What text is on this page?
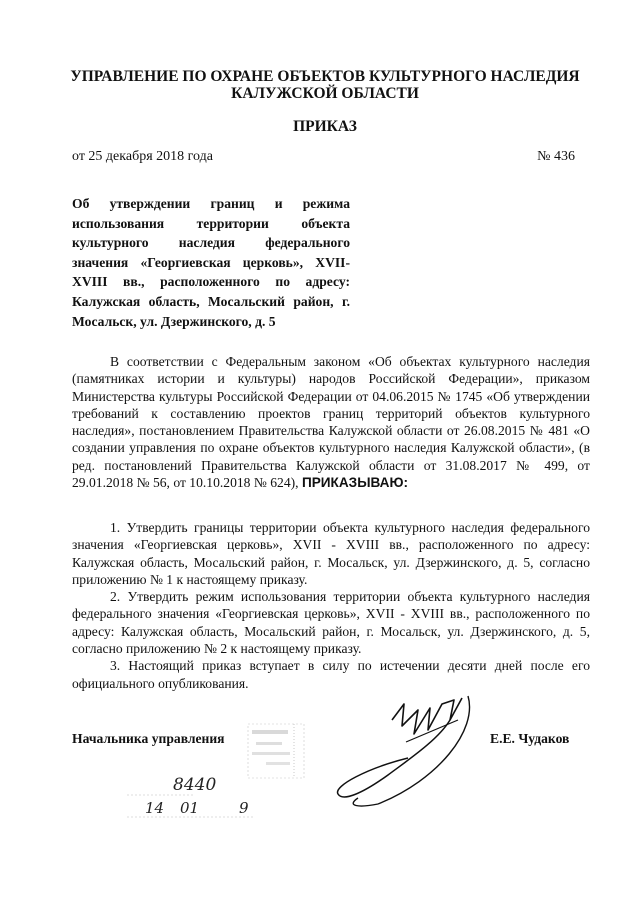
УПРАВЛЕНИЕ ПО ОХРАНЕ ОБЪЕКТОВ КУЛЬТУРНОГО НАСЛЕДИЯ
КАЛУЖСКОЙ ОБЛАСТИ
ПРИКАЗ
от 25 декабря 2018 года	№ 436
Об утверждении границ и режима использования территории объекта культурного наследия федерального значения «Георгиевская церковь», XVII-XVIII вв., расположенного по адресу: Калужская область, Мосальский район, г. Мосальск, ул. Дзержинского, д. 5

В соответствии с Федеральным законом «Об объектах культурного наследия (памятниках истории и культуры) народов Российской Федерации», приказом Министерства культуры Российской Федерации от 04.06.2015 № 1745 «Об утверждении требований к составлению проектов границ территорий объектов культурного наследия», постановлением Правительства Калужской области от 26.08.2015 № 481 «О создании управления по охране объектов культурного наследия Калужской области», (в ред. постановлений Правительства Калужской области от 31.08.2017 № 499, от 29.01.2018 № 56, от 10.10.2018 № 624), ПРИКАЗЫВАЮ:

1. Утвердить границы территории объекта культурного наследия федерального значения «Георгиевская церковь», XVII - XVIII вв., расположенного по адресу: Калужская область, Мосальский район, г. Мосальск, ул. Дзержинского, д. 5, согласно приложению № 1 к настоящему приказу.

2. Утвердить режим использования территории объекта культурного наследия федерального значения «Георгиевская церковь», XVII - XVIII вв., расположенного по адресу: Калужская область, Мосальский район, г. Мосальск, ул. Дзержинского, д. 5, согласно приложению № 2 к настоящему приказу.

3. Настоящий приказ вступает в силу по истечении десяти дней после его официального опубликования.

Начальника управления	Е.Е. Чудаков
8440
14 01	9
